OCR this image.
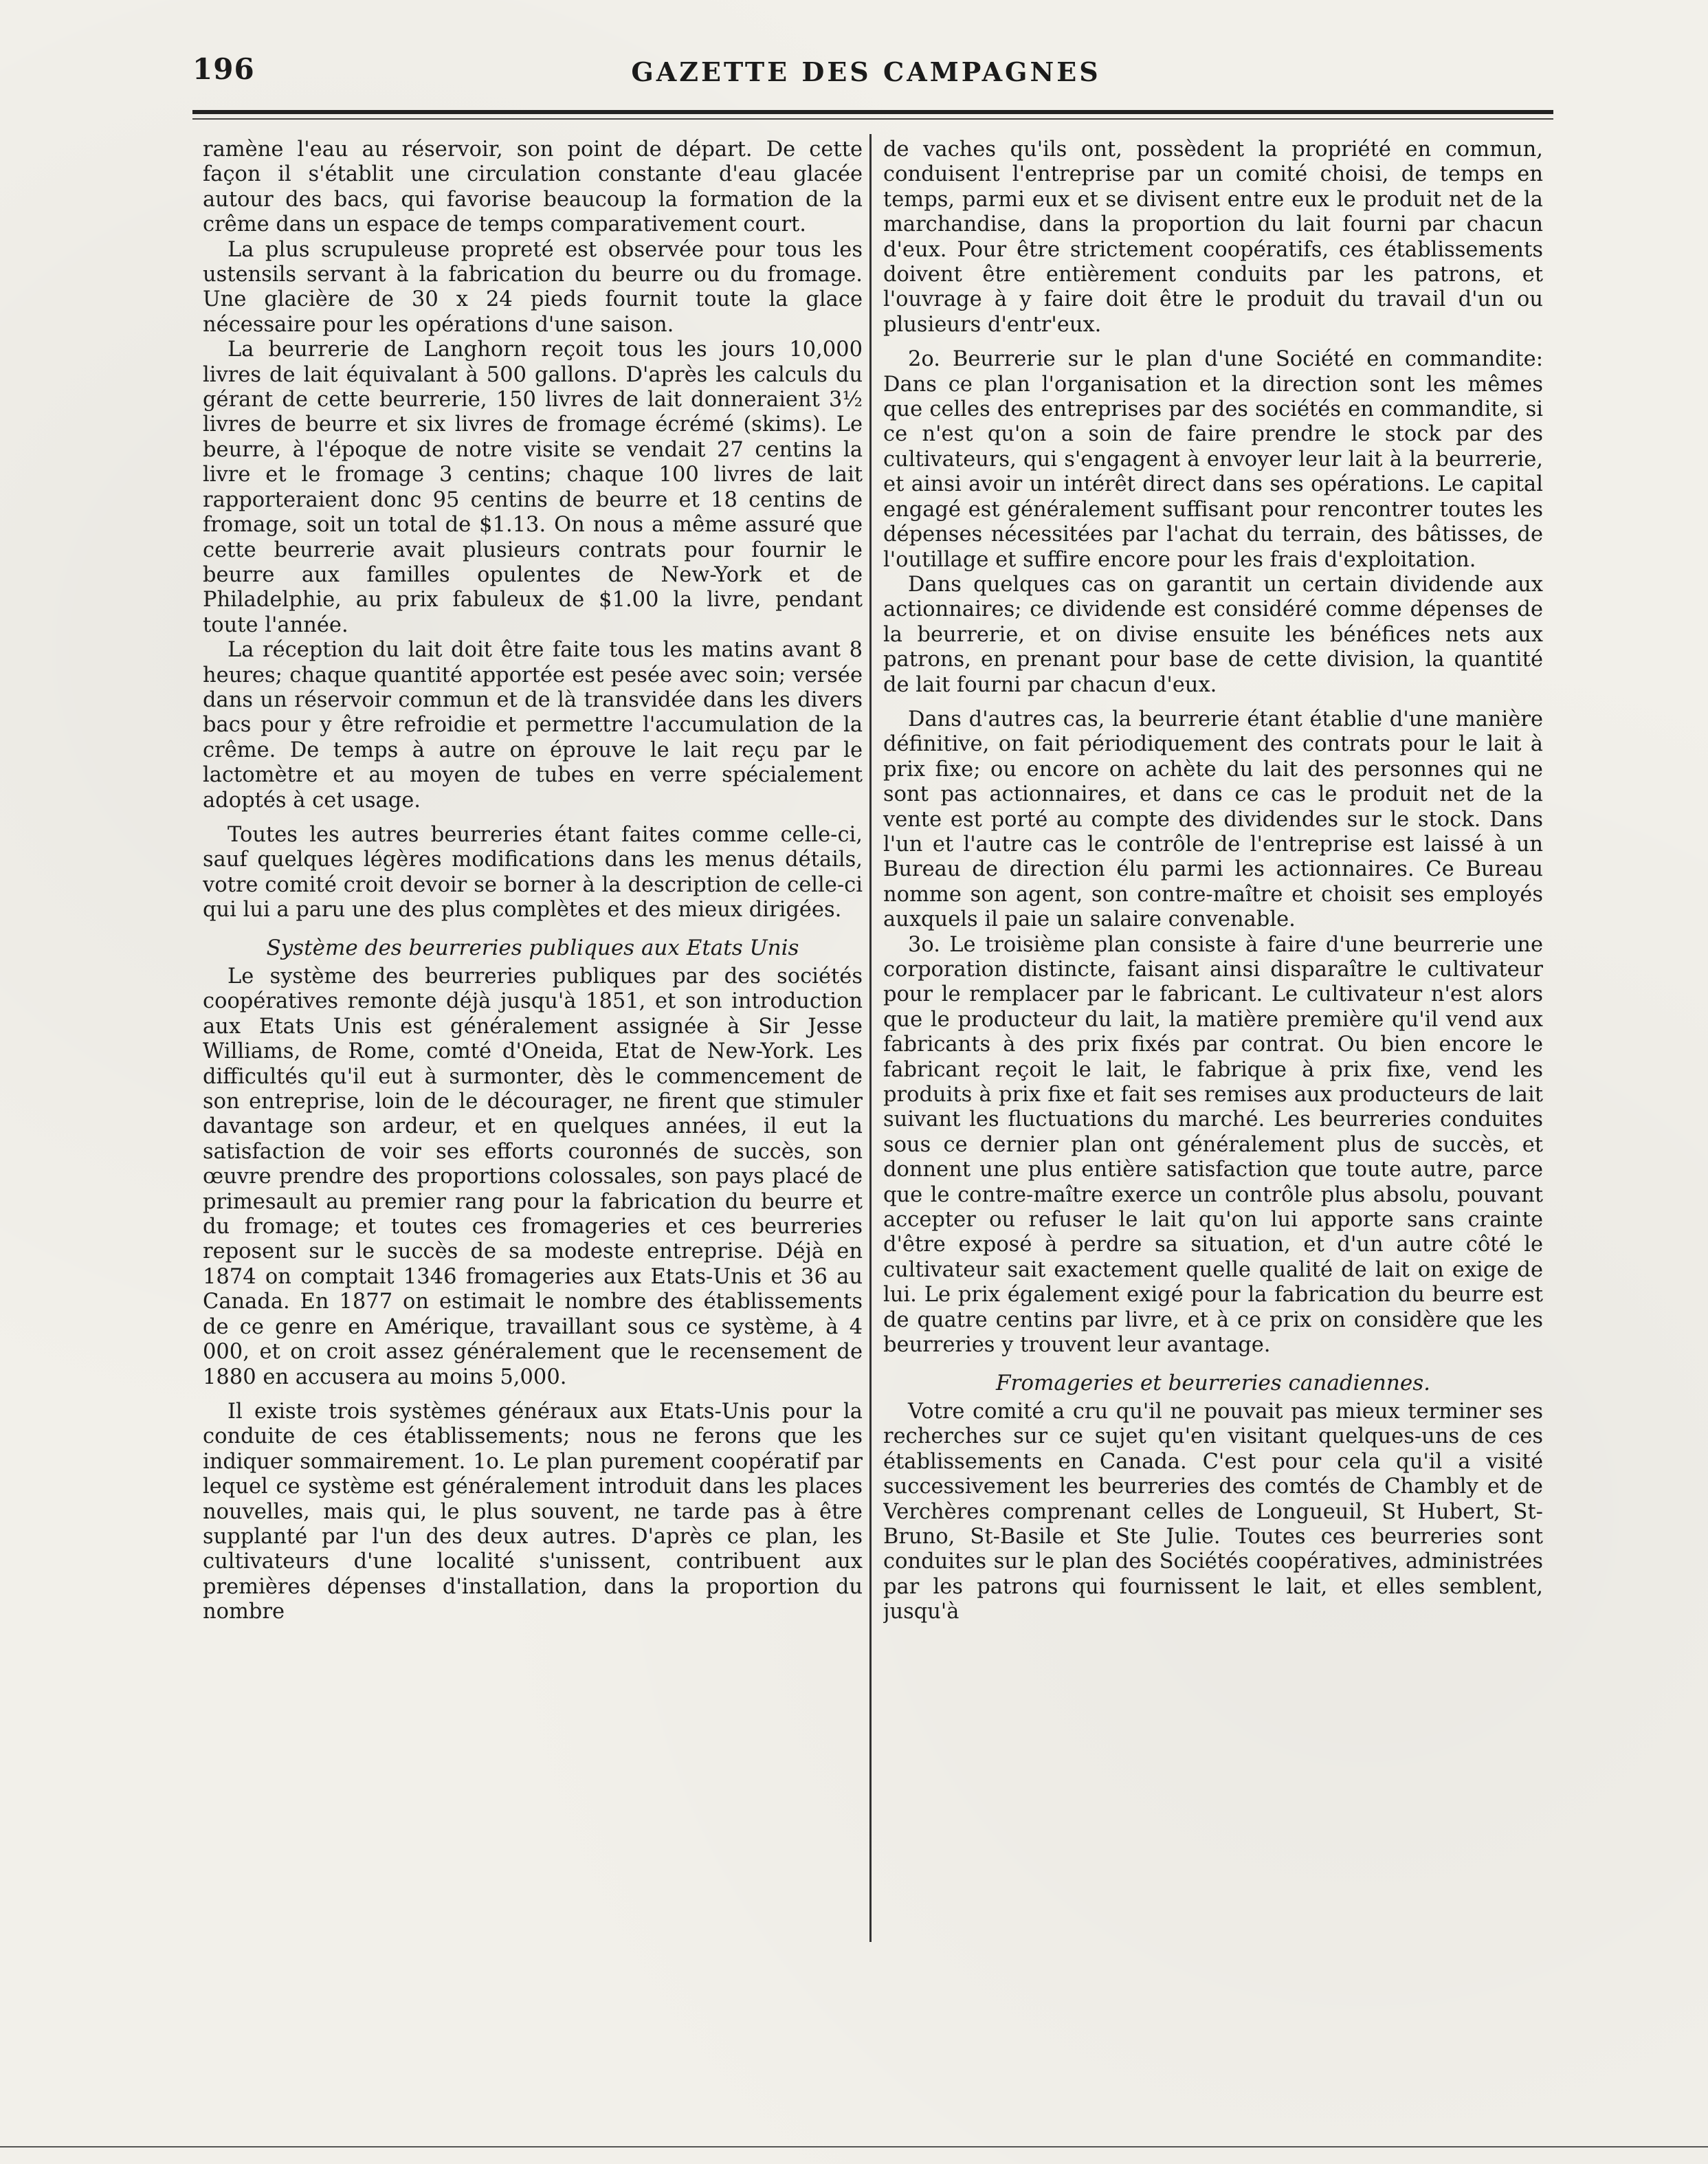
196	GAZETTE DES CAMPAGNES

ramène l'eau au réservoir, son point de départ. De cette façon il s'établit une circulation constante d'eau glacée autour des bacs, qui favorise beaucoup la formation de la crême dans un espace de temps comparativement court.

La plus scrupuleuse propreté est observée pour tous les ustensils servant à la fabrication du beurre ou du fromage. Une glacière de 30 x 24 pieds fournit toute la glace nécessaire pour les opérations d'une saison.

La beurrerie de Langhorn reçoit tous les jours 10,000 livres de lait équivalant à 500 gallons. D'après les calculs du gérant de cette beurrerie, 150 livres de lait donneraient 3½ livres de beurre et six livres de fromage écrémé (skims). Le beurre, à l'époque de notre visite se vendait 27 centins la livre et le fromage 3 centins; chaque 100 livres de lait rapporteraient donc 95 centins de beurre et 18 centins de fromage, soit un total de $1.13. On nous a même assuré que cette beurrerie avait plusieurs contrats pour fournir le beurre aux familles opulentes de New-York et de Philadelphie, au prix fabuleux de $1.00 la livre, pendant toute l'année.

La réception du lait doit être faite tous les matins avant 8 heures; chaque quantité apportée est pesée avec soin; versée dans un réservoir commun et de là transvidée dans les divers bacs pour y être refroidie et permettre l'accumulation de la crême. De temps à autre on éprouve le lait reçu par le lactomètre et au moyen de tubes en verre spécialement adoptés à cet usage.

Toutes les autres beurreries étant faites comme celle-ci, sauf quelques légères modifications dans les menus détails, votre comité croit devoir se borner à la description de celle-ci qui lui a paru une des plus complètes et des mieux dirigées.

Système des beurreries publiques aux Etats Unis

Le système des beurreries publiques par des sociétés coopératives remonte déjà jusqu'à 1851, et son introduction aux Etats Unis est généralement assignée à Sir Jesse Williams, de Rome, comté d'Oneida, Etat de New-York. Les difficultés qu'il eut à surmonter, dès le commencement de son entreprise, loin de le décourager, ne firent que stimuler davantage son ardeur, et en quelques années, il eut la satisfaction de voir ses efforts couronnés de succès, son œuvre prendre des proportions colossales, son pays placé de primesault au premier rang pour la fabrication du beurre et du fromage; et toutes ces fromageries et ces beurreries reposent sur le succès de sa modeste entreprise. Déjà en 1874 on comptait 1346 fromageries aux Etats-Unis et 36 au Canada. En 1877 on estimait le nombre des établissements de ce genre en Amérique, travaillant sous ce système, à 4 000, et on croit assez généralement que le recensement de 1880 en accusera au moins 5,000.

Il existe trois systèmes généraux aux Etats-Unis pour la conduite de ces établissements; nous ne ferons que les indiquer sommairement. 1o. Le plan purement coopératif par lequel ce système est généralement introduit dans les places nouvelles, mais qui, le plus souvent, ne tarde pas à être supplanté par l'un des deux autres. D'après ce plan, les cultivateurs d'une localité s'unissent, contribuent aux premières dépenses d'installation, dans la proportion du nombre

de vaches qu'ils ont, possèdent la propriété en commun, conduisent l'entreprise par un comité choisi, de temps en temps, parmi eux et se divisent entre eux le produit net de la marchandise, dans la proportion du lait fourni par chacun d'eux. Pour être strictement coopératifs, ces établissements doivent être entièrement conduits par les patrons, et l'ouvrage à y faire doit être le produit du travail d'un ou plusieurs d'entr'eux.

2o. Beurrerie sur le plan d'une Société en commandite: Dans ce plan l'organisation et la direction sont les mêmes que celles des entreprises par des sociétés en commandite, si ce n'est qu'on a soin de faire prendre le stock par des cultivateurs, qui s'engagent à envoyer leur lait à la beurrerie, et ainsi avoir un intérêt direct dans ses opérations. Le capital engagé est généralement suffisant pour rencontrer toutes les dépenses nécessitées par l'achat du terrain, des bâtisses, de l'outillage et suffire encore pour les frais d'exploitation.

Dans quelques cas on garantit un certain dividende aux actionnaires; ce dividende est considéré comme dépenses de la beurrerie, et on divise ensuite les bénéfices nets aux patrons, en prenant pour base de cette division, la quantité de lait fourni par chacun d'eux.

Dans d'autres cas, la beurrerie étant établie d'une manière définitive, on fait périodiquement des contrats pour le lait à prix fixe; ou encore on achète du lait des personnes qui ne sont pas actionnaires, et dans ce cas le produit net de la vente est porté au compte des dividendes sur le stock. Dans l'un et l'autre cas le contrôle de l'entreprise est laissé à un Bureau de direction élu parmi les actionnaires. Ce Bureau nomme son agent, son contre-maître et choisit ses employés auxquels il paie un salaire convenable.

3o. Le troisième plan consiste à faire d'une beurrerie une corporation distincte, faisant ainsi disparaître le cultivateur pour le remplacer par le fabricant. Le cultivateur n'est alors que le producteur du lait, la matière première qu'il vend aux fabricants à des prix fixés par contrat. Ou bien encore le fabricant reçoit le lait, le fabrique à prix fixe, vend les produits à prix fixe et fait ses remises aux producteurs de lait suivant les fluctuations du marché. Les beurreries conduites sous ce dernier plan ont généralement plus de succès, et donnent une plus entière satisfaction que toute autre, parce que le contre-maître exerce un contrôle plus absolu, pouvant accepter ou refuser le lait qu'on lui apporte sans crainte d'être exposé à perdre sa situation, et d'un autre côté le cultivateur sait exactement quelle qualité de lait on exige de lui. Le prix également exigé pour la fabrication du beurre est de quatre centins par livre, et à ce prix on considère que les beurreries y trouvent leur avantage.

Fromageries et beurreries canadiennes.

Votre comité a cru qu'il ne pouvait pas mieux terminer ses recherches sur ce sujet qu'en visitant quelques-uns de ces établissements en Canada. C'est pour cela qu'il a visité successivement les beurreries des comtés de Chambly et de Verchères comprenant celles de Longueuil, St Hubert, St-Bruno, St-Basile et Ste Julie. Toutes ces beurreries sont conduites sur le plan des Sociétés coopératives, administrées par les patrons qui fournissent le lait, et elles semblent, jusqu'à
